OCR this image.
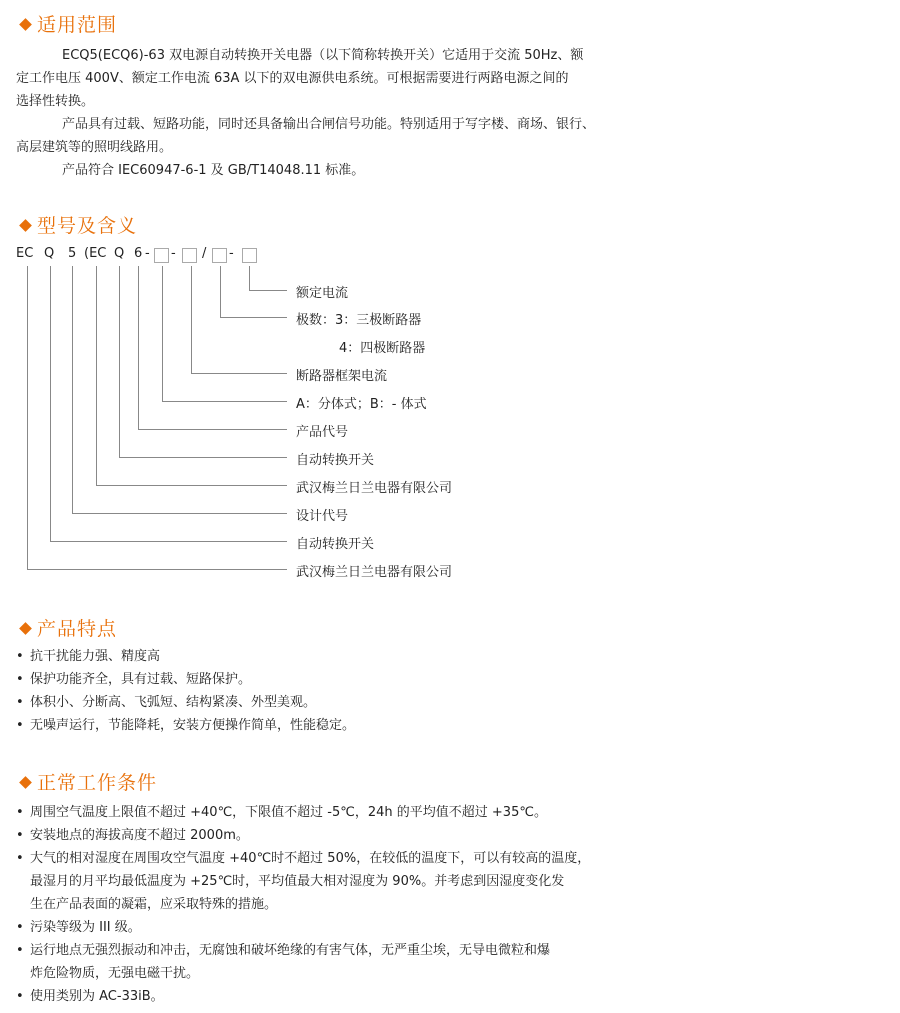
适用范围
ECQ5(ECQ6)-63 双电源自动转换开关电器（以下简称转换开关）它适用于交流 50Hz、额
定工作电压 400V、额定工作电流 63A 以下的双电源供电系统。可根据需要进行两路电源之间的
选择性转换。
产品具有过载、短路功能，同时还具备输出合闸信号功能。特别适用于写字楼、商场、银行、
高层建筑等的照明线路用。
产品符合 IEC60947-6-1 及 GB/T14048.11 标准。
型号及含义
EC Q 5 (EC Q 6 - - / -
额定电流
极数：3：三极断路器
4：四极断路器
断路器框架电流
A：分体式；B：- 体式
产品代号
自动转换开关
武汉梅兰日兰电器有限公司
设计代号
自动转换开关
武汉梅兰日兰电器有限公司
产品特点
• 抗干扰能力强、精度高
• 保护功能齐全，具有过载、短路保护。
• 体积小、分断高、飞弧短、结构紧凑、外型美观。
• 无噪声运行，节能降耗，安装方便操作简单，性能稳定。
正常工作条件
• 周围空气温度上限值不超过 +40℃，下限值不超过 -5℃，24h 的平均值不超过 +35℃。
• 安装地点的海拔高度不超过 2000m。
• 大气的相对湿度在周围攻空气温度 +40℃时不超过 50%，在较低的温度下，可以有较高的温度，
最湿月的月平均最低温度为 +25℃时，平均值最大相对湿度为 90%。并考虑到因湿度变化发
生在产品表面的凝霜，应采取特殊的措施。
• 污染等级为 III 级。
• 运行地点无强烈振动和冲击，无腐蚀和破坏绝缘的有害气体，无严重尘埃，无导电微粒和爆
炸危险物质，无强电磁干扰。
• 使用类别为 AC-33iB。
